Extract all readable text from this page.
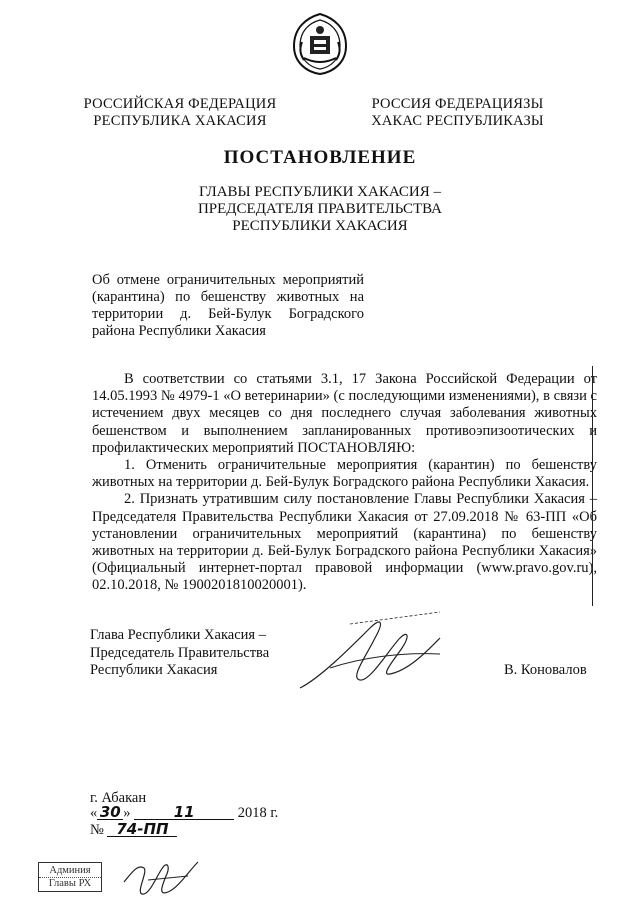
РОССИЙСКАЯ ФЕДЕРАЦИЯ
РЕСПУБЛИКА ХАКАСИЯ
РОССИЯ ФЕДЕРАЦИЯЗЫ
ХАКАС РЕСПУБЛИКАЗЫ
ПОСТАНОВЛЕНИЕ
ГЛАВЫ РЕСПУБЛИКИ ХАКАСИЯ –
ПРЕДСЕДАТЕЛЯ ПРАВИТЕЛЬСТВА
РЕСПУБЛИКИ ХАКАСИЯ
Об отмене ограничительных мероприятий (карантина) по бешенству животных на территории д. Бей-Булук Боградского района Республики Хакасия

В соответствии со статьями 3.1, 17 Закона Российской Федерации от 14.05.1993 № 4979-1 «О ветеринарии» (с последующими изменениями), в связи с истечением двух месяцев со дня последнего случая заболевания животных бешенством и выполнением запланированных противоэпизоотических и профилактических мероприятий ПОСТАНОВЛЯЮ:

1. Отменить ограничительные мероприятия (карантин) по бешенству животных на территории д. Бей-Булук Боградского района Республики Хакасия.

2. Признать утратившим силу постановление Главы Республики Хакасия – Председателя Правительства Республики Хакасия от 27.09.2018 № 63-ПП «Об установлении ограничительных мероприятий (карантина) по бешенству животных на территории д. Бей-Булук Боградского района Республики Хакасия» (Официальный интернет-портал правовой информации (www.pravo.gov.ru), 02.10.2018, № 1900201810020001).

Глава Республики Хакасия –
Председатель Правительства
Республики Хакасия	В. Коновалов
г. Абакан
« 30 »	11	2018 г.
№ 74-ПП
Админия
Главы РХ
